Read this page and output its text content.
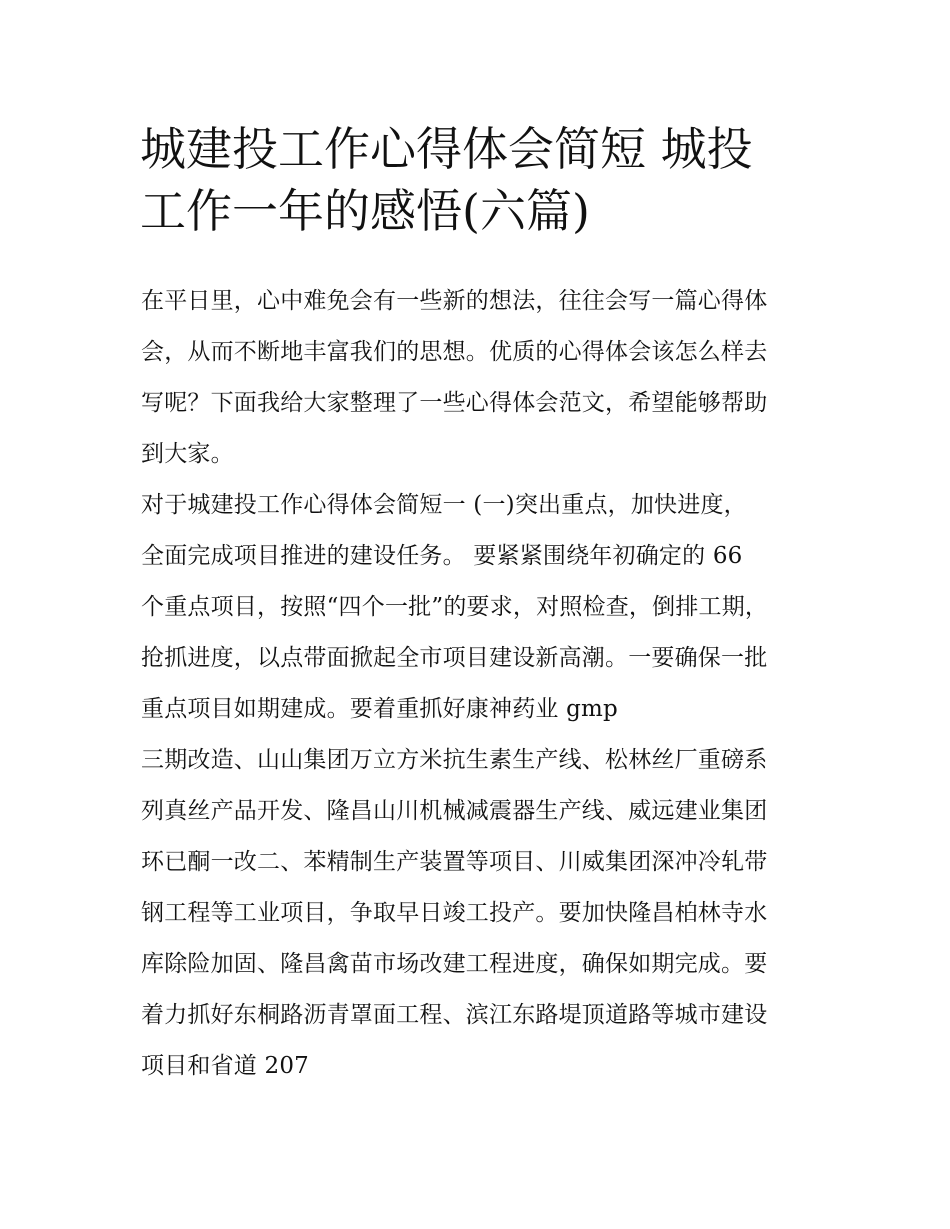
城建投工作心得体会简短 城投
工作一年的感悟(六篇)
在平日里，心中难免会有一些新的想法，往往会写一篇心得体
会，从而不断地丰富我们的思想。优质的心得体会该怎么样去
写呢？下面我给大家整理了一些心得体会范文，希望能够帮助
到大家。
对于城建投工作心得体会简短一 (一)突出重点，加快进度，
全面完成项目推进的建设任务。 要紧紧围绕年初确定的 66
个重点项目，按照“四个一批”的要求，对照检查，倒排工期，
抢抓进度，以点带面掀起全市项目建设新高潮。一要确保一批
重点项目如期建成。要着重抓好康神药业 gmp
三期改造、山山集团万立方米抗生素生产线、松林丝厂重磅系
列真丝产品开发、隆昌山川机械减震器生产线、威远建业集团
环已酮一改二、苯精制生产装置等项目、川威集团深冲冷轧带
钢工程等工业项目，争取早日竣工投产。要加快隆昌柏林寺水
库除险加固、隆昌禽苗市场改建工程进度，确保如期完成。要
着力抓好东桐路沥青罩面工程、滨江东路堤顶道路等城市建设
项目和省道 207
